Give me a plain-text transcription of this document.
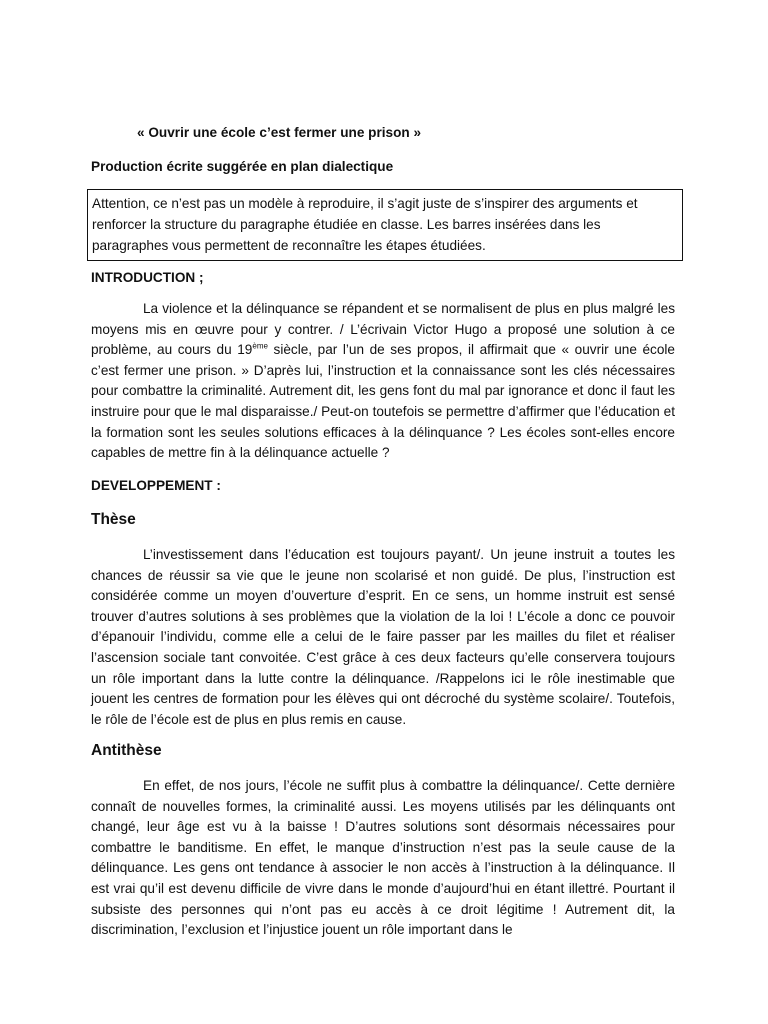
« Ouvrir une école c’est fermer une prison »

Production écrite suggérée en plan dialectique

Attention, ce n’est pas un modèle à reproduire, il s’agit juste de s’inspirer des arguments et renforcer la structure du paragraphe étudiée en classe. Les barres insérées dans les paragraphes vous permettent de reconnaître les étapes étudiées.

INTRODUCTION ;

La violence et la délinquance se répandent et se normalisent de plus en plus malgré les moyens mis en œuvre pour y contrer. / L’écrivain Victor Hugo a proposé une solution à ce problème, au cours du 19ème siècle, par l’un de ses propos, il affirmait que « ouvrir une école c’est fermer une prison. » D’après lui, l’instruction et la connaissance sont les clés nécessaires pour combattre la criminalité. Autrement dit, les gens font du mal par ignorance et donc il faut les instruire pour que le mal disparaisse./ Peut-on toutefois se permettre d’affirmer que l’éducation et la formation sont les seules solutions efficaces à la délinquance ? Les écoles sont-elles encore capables de mettre fin à la délinquance actuelle ?

DEVELOPPEMENT :

Thèse

L’investissement dans l’éducation est toujours payant/. Un jeune instruit a toutes les chances de réussir sa vie que le jeune non scolarisé et non guidé. De plus, l’instruction est considérée comme un moyen d’ouverture d’esprit. En ce sens, un homme instruit est sensé trouver d’autres solutions à ses problèmes que la violation de la loi ! L’école a donc ce pouvoir d’épanouir l’individu, comme elle a celui de le faire passer par les mailles du filet et réaliser l’ascension sociale tant convoitée. C’est grâce à ces deux facteurs qu’elle conservera toujours un rôle important dans la lutte contre la délinquance. /Rappelons ici le rôle inestimable que jouent les centres de formation pour les élèves qui ont décroché du système scolaire/. Toutefois, le rôle de l’école est de plus en plus remis en cause.

Antithèse

En effet, de nos jours, l’école ne suffit plus à combattre la délinquance/. Cette dernière connaît de nouvelles formes, la criminalité aussi. Les moyens utilisés par les délinquants ont changé, leur âge est vu à la baisse ! D’autres solutions sont désormais nécessaires pour combattre le banditisme. En effet, le manque d’instruction n’est pas la seule cause de la délinquance. Les gens ont tendance à associer le non accès à l’instruction à la délinquance. Il est vrai qu’il est devenu difficile de vivre dans le monde d’aujourd’hui en étant illettré. Pourtant il subsiste des personnes qui n’ont pas eu accès à ce droit légitime ! Autrement dit, la discrimination, l’exclusion et l’injustice jouent un rôle important dans le
